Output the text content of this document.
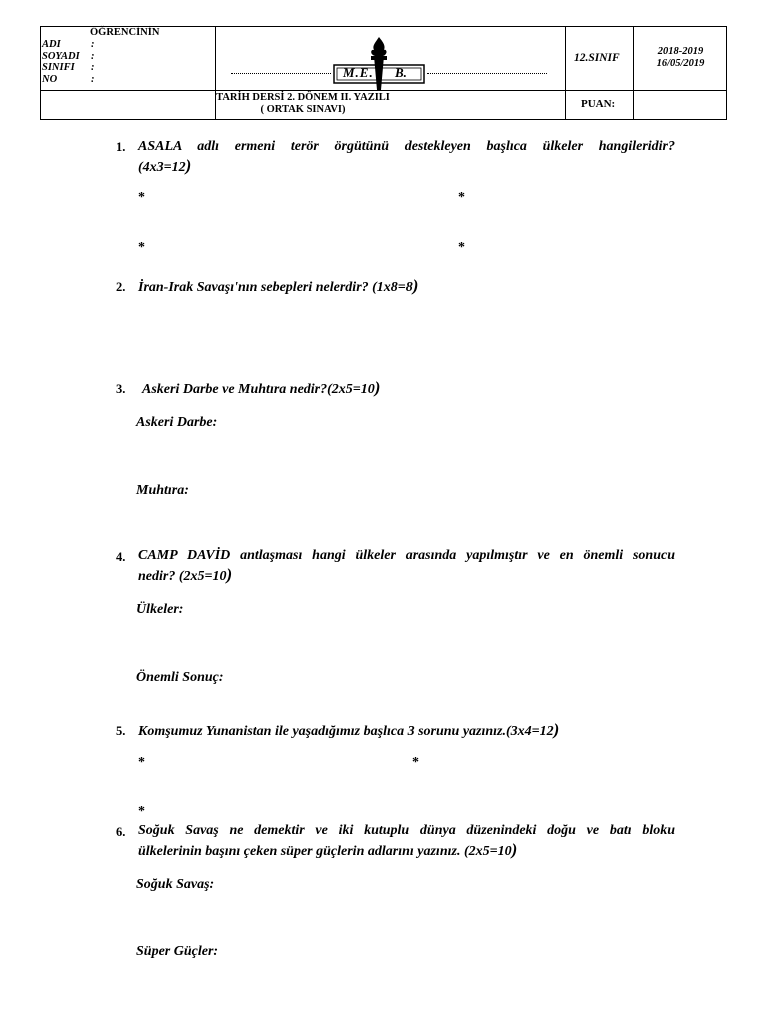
ÖĞRENCİNİN
ADI	:
SOYADI :
SINIFI :
NO	:	M.E. B.
12.SINIF
2018-2019
16/05/2019
TARİH DERSİ 2. DÖNEM II. YAZILI
( ORTAK SINAVI)	PUAN:
1. ASALA adlı ermeni terör örgütünü destekleyen başlıca ülkeler hangileridir?
(4x3=12)
*	*
*	*
2. İran-Irak Savaşı'nın sebepleri nelerdir? (1x8=8)
3. Askeri Darbe ve Muhtıra nedir?(2x5=10)
Askeri Darbe:
Muhtıra:
4. CAMP DAVİD antlaşması hangi ülkeler arasında yapılmıştır ve en önemli sonucu
nedir? (2x5=10)
Ülkeler:
Önemli Sonuç:
5. Komşumuz Yunanistan ile yaşadığımız başlıca 3 sorunu yazınız.(3x4=12)
*	*
*
6. Soğuk Savaş ne demektir ve iki kutuplu dünya düzenindeki doğu ve batı bloku
ülkelerinin başını çeken süper güçlerin adlarını yazınız. (2x5=10)
Soğuk Savaş:
Süper Güçler:
